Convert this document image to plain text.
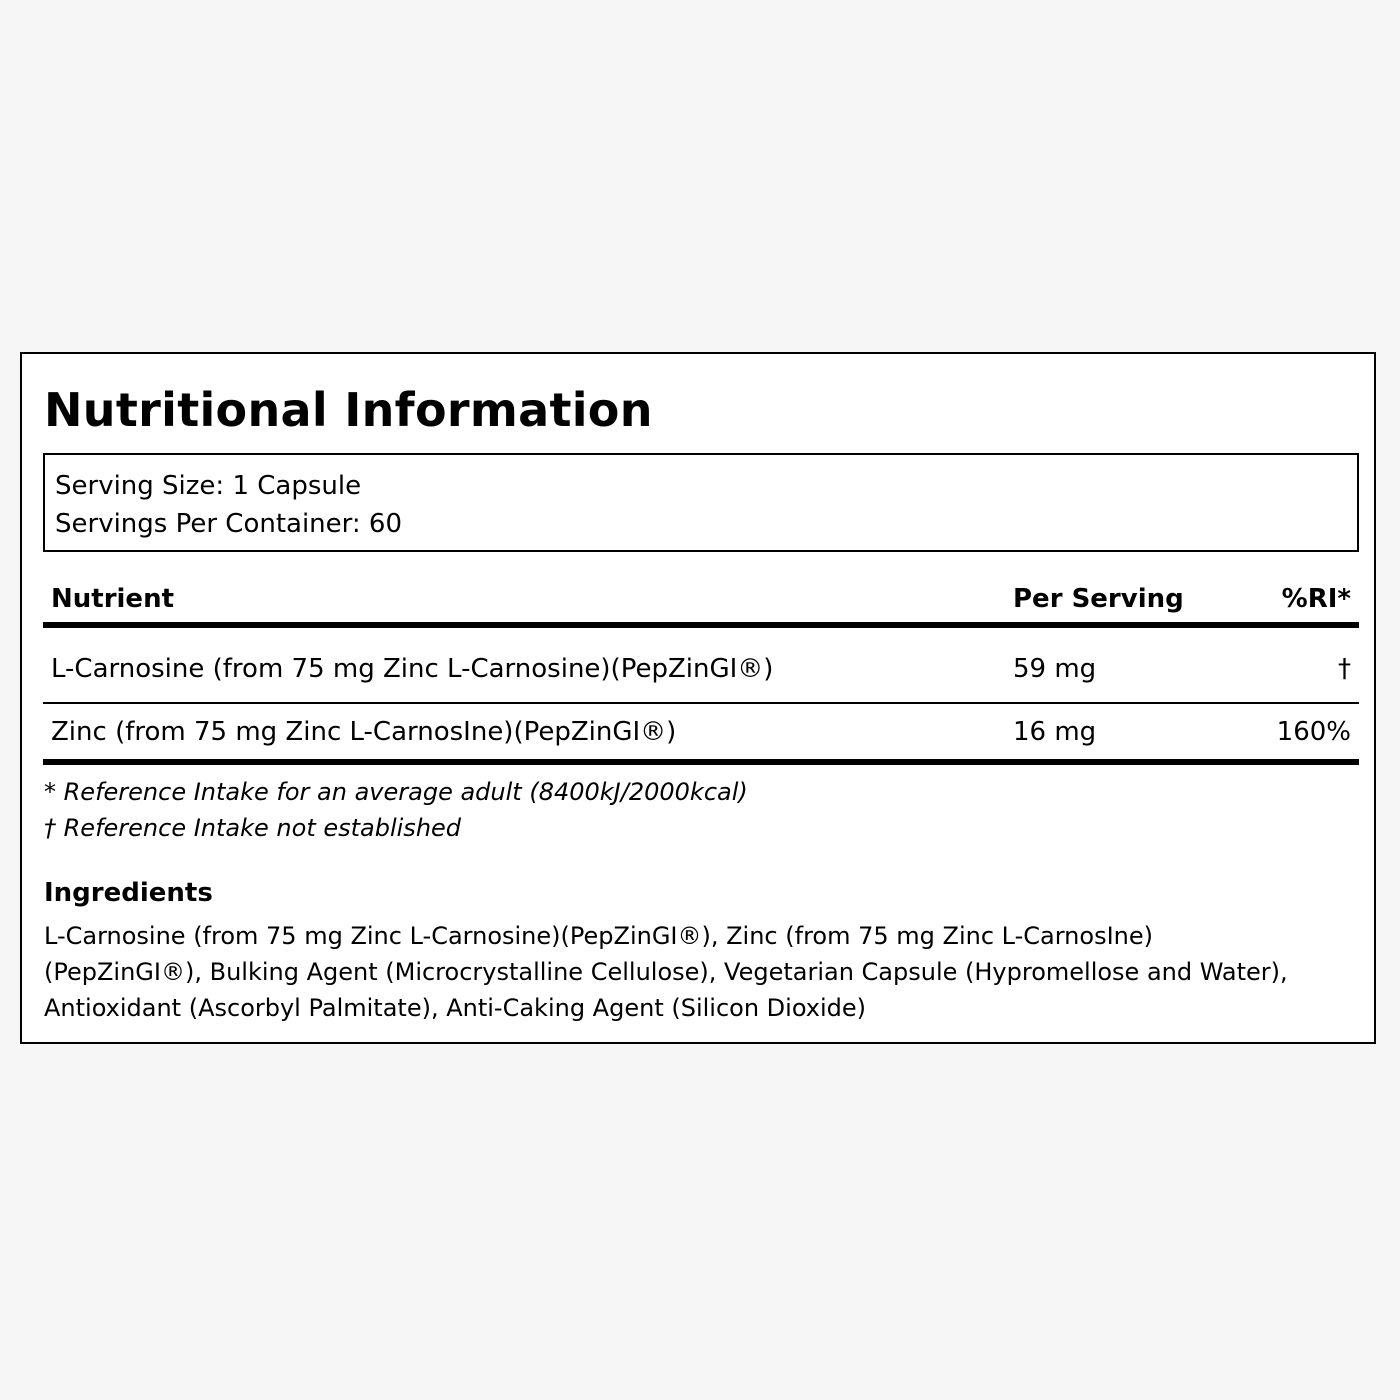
Nutritional Information
Serving Size: 1 Capsule
Servings Per Container: 60
Nutrient	Per Serving	%RI*
L-Carnosine (from 75 mg Zinc L-Carnosine)(PepZinGI®)	59 mg	†
Zinc (from 75 mg Zinc L-CarnosIne)(PepZinGI®)	16 mg	160%
* Reference Intake for an average adult (8400kJ/2000kcal)
† Reference Intake not established
Ingredients
L-Carnosine (from 75 mg Zinc L-Carnosine)(PepZinGI®), Zinc (from 75 mg Zinc L-CarnosIne)(PepZinGI®), Bulking Agent (Microcrystalline Cellulose), Vegetarian Capsule (Hypromellose and Water), Antioxidant (Ascorbyl Palmitate), Anti-Caking Agent (Silicon Dioxide)
